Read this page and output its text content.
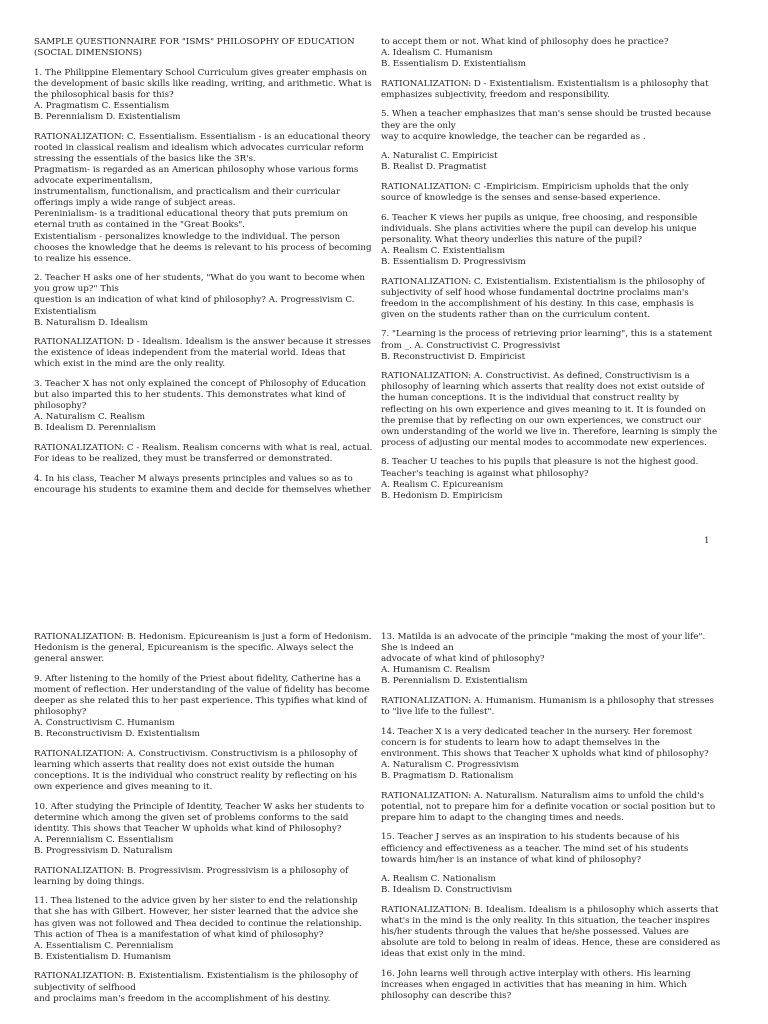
SAMPLE QUESTIONNAIRE FOR "ISMS" PHILOSOPHY OF EDUCATION
(SOCIAL DIMENSIONS)
1. The Philippine Elementary School Curriculum gives greater emphasis on
the development of basic skills like reading, writing, and arithmetic. What is
the philosophical basis for this?
A. Pragmatism C. Essentialism
B. Perennialism D. Existentialism
RATIONALIZATION: C. Essentialism. Essentialism - is an educational theory
rooted in classical realism and idealism which advocates curricular reform
stressing the essentials of the basics like the 3R's.
Pragmatism- is regarded as an American philosophy whose various forms
advocate experimentalism,
instrumentalism, functionalism, and practicalism and their curricular
offerings imply a wide range of subject areas.
Pereninialism- is a traditional educational theory that puts premium on
eternal truth as contained in the "Great Books".
Existentialism - personalizes knowledge to the individual. The person
chooses the knowledge that he deems is relevant to his process of becoming
to realize his essence.
2. Teacher H asks one of her students, "What do you want to become when
you grow up?" This
question is an indication of what kind of philosophy? A. Progressivism C.
Existentialism
B. Naturalism D. Idealism
RATIONALIZATION: D - Idealism. Idealism is the answer because it stresses
the existence of ideas independent from the material world. Ideas that
which exist in the mind are the only reality.
3. Teacher X has not only explained the concept of Philosophy of Education
but also imparted this to her students. This demonstrates what kind of
philosophy?
A. Naturalism C. Realism
B. Idealism D. Perennialism
RATIONALIZATION: C - Realism. Realism concerns with what is real, actual.
For ideas to be realized, they must be transferred or demonstrated.
4. In his class, Teacher M always presents principles and values so as to
encourage his students to examine them and decide for themselves whether
to accept them or not. What kind of philosophy does he practice?
A. Idealism C. Humanism
B. Essentialism D. Existentialism
RATIONALIZATION: D - Existentialism. Existentialism is a philosophy that
emphasizes subjectivity, freedom and responsibility.
5. When a teacher emphasizes that man's sense should be trusted because
they are the only
way to acquire knowledge, the teacher can be regarded as .
A. Naturalist C. Empiricist
B. Realist D. Pragmatist
RATIONALIZATION: C -Empiricism. Empiricism upholds that the only
source of knowledge is the senses and sense-based experience.
6. Teacher K views her pupils as unique, free choosing, and responsible
individuals. She plans activities where the pupil can develop his unique
personality. What theory underlies this nature of the pupil?
A. Realism C. Existentialism
B. Essentialism D. Progressivism
RATIONALIZATION: C. Existentialism. Existentialism is the philosophy of
subjectivity of self hood whose fundamental doctrine proclaims man's
freedom in the accomplishment of his destiny. In this case, emphasis is
given on the students rather than on the curriculum content.
7. "Learning is the process of retrieving prior learning", this is a statement
from _. A. Constructivist C. Progressivist
B. Reconstructivist D. Empiricist
RATIONALIZATION: A. Constructivist. As defined, Constructivism is a
philosophy of learning which asserts that reality does not exist outside of
the human conceptions. It is the individual that construct reality by
reflecting on his own experience and gives meaning to it. It is founded on
the premise that by reflecting on our own experiences, we construct our
own understanding of the world we live in. Therefore, learning is simply the
process of adjusting our mental modes to accommodate new experiences.
8. Teacher U teaches to his pupils that pleasure is not the highest good.
Teacher's teaching is against what philosophy?
A. Realism C. Epicureanism
B. Hedonism D. Empiricism
1
RATIONALIZATION: B. Hedonism. Epicureanism is just a form of Hedonism.
Hedonism is the general, Epicureanism is the specific. Always select the
general answer.
9. After listening to the homily of the Priest about fidelity, Catherine has a
moment of reflection. Her understanding of the value of fidelity has become
deeper as she related this to her past experience. This typifies what kind of
philosophy?
A. Constructivism C. Humanism
B. Reconstructivism D. Existentialism
RATIONALIZATION: A. Constructivism. Constructivism is a philosophy of
learning which asserts that reality does not exist outside the human
conceptions. It is the individual who construct reality by reflecting on his
own experience and gives meaning to it.
10. After studying the Principle of Identity, Teacher W asks her students to
determine which among the given set of problems conforms to the said
identity. This shows that Teacher W upholds what kind of Philosophy?
A. Perennialism C. Essentialism
B. Progressivism D. Naturalism
RATIONALIZATION: B. Progressivism. Progressivism is a philosophy of
learning by doing things.
11. Thea listened to the advice given by her sister to end the relationship
that she has with Gilbert. However, her sister learned that the advice she
has given was not followed and Thea decided to continue the relationship.
This action of Thea is a manifestation of what kind of philosophy?
A. Essentialism C. Perennialism
B. Existentialism D. Humanism
RATIONALIZATION: B. Existentialism. Existentialism is the philosophy of
subjectivity of selfhood
and proclaims man's freedom in the accomplishment of his destiny.
13. Matilda is an advocate of the principle "making the most of your life".
She is indeed an
advocate of what kind of philosophy?
A. Humanism C. Realism
B. Perennialism D. Existentialism
RATIONALIZATION: A. Humanism. Humanism is a philosophy that stresses
to "live life to the fullest".
14. Teacher X is a very dedicated teacher in the nursery. Her foremost
concern is for students to learn how to adapt themselves in the
environment. This shows that Teacher X upholds what kind of philosophy?
A. Naturalism C. Progressivism
B. Pragmatism D. Rationalism
RATIONALIZATION: A. Naturalism. Naturalism aims to unfold the child's
potential, not to prepare him for a definite vocation or social position but to
prepare him to adapt to the changing times and needs.
15. Teacher J serves as an inspiration to his students because of his
efficiency and effectiveness as a teacher. The mind set of his students
towards him/her is an instance of what kind of philosophy?
A. Realism C. Nationalism
B. Idealism D. Constructivism
RATIONALIZATION: B. Idealism. Idealism is a philosophy which asserts that
what's in the mind is the only reality. In this situation, the teacher inspires
his/her students through the values that he/she possessed. Values are
absolute are told to belong in realm of ideas. Hence, these are considered as
ideas that exist only in the mind.
16. John learns well through active interplay with others. His learning
increases when engaged in activities that has meaning in him. Which
philosophy can describe this?
